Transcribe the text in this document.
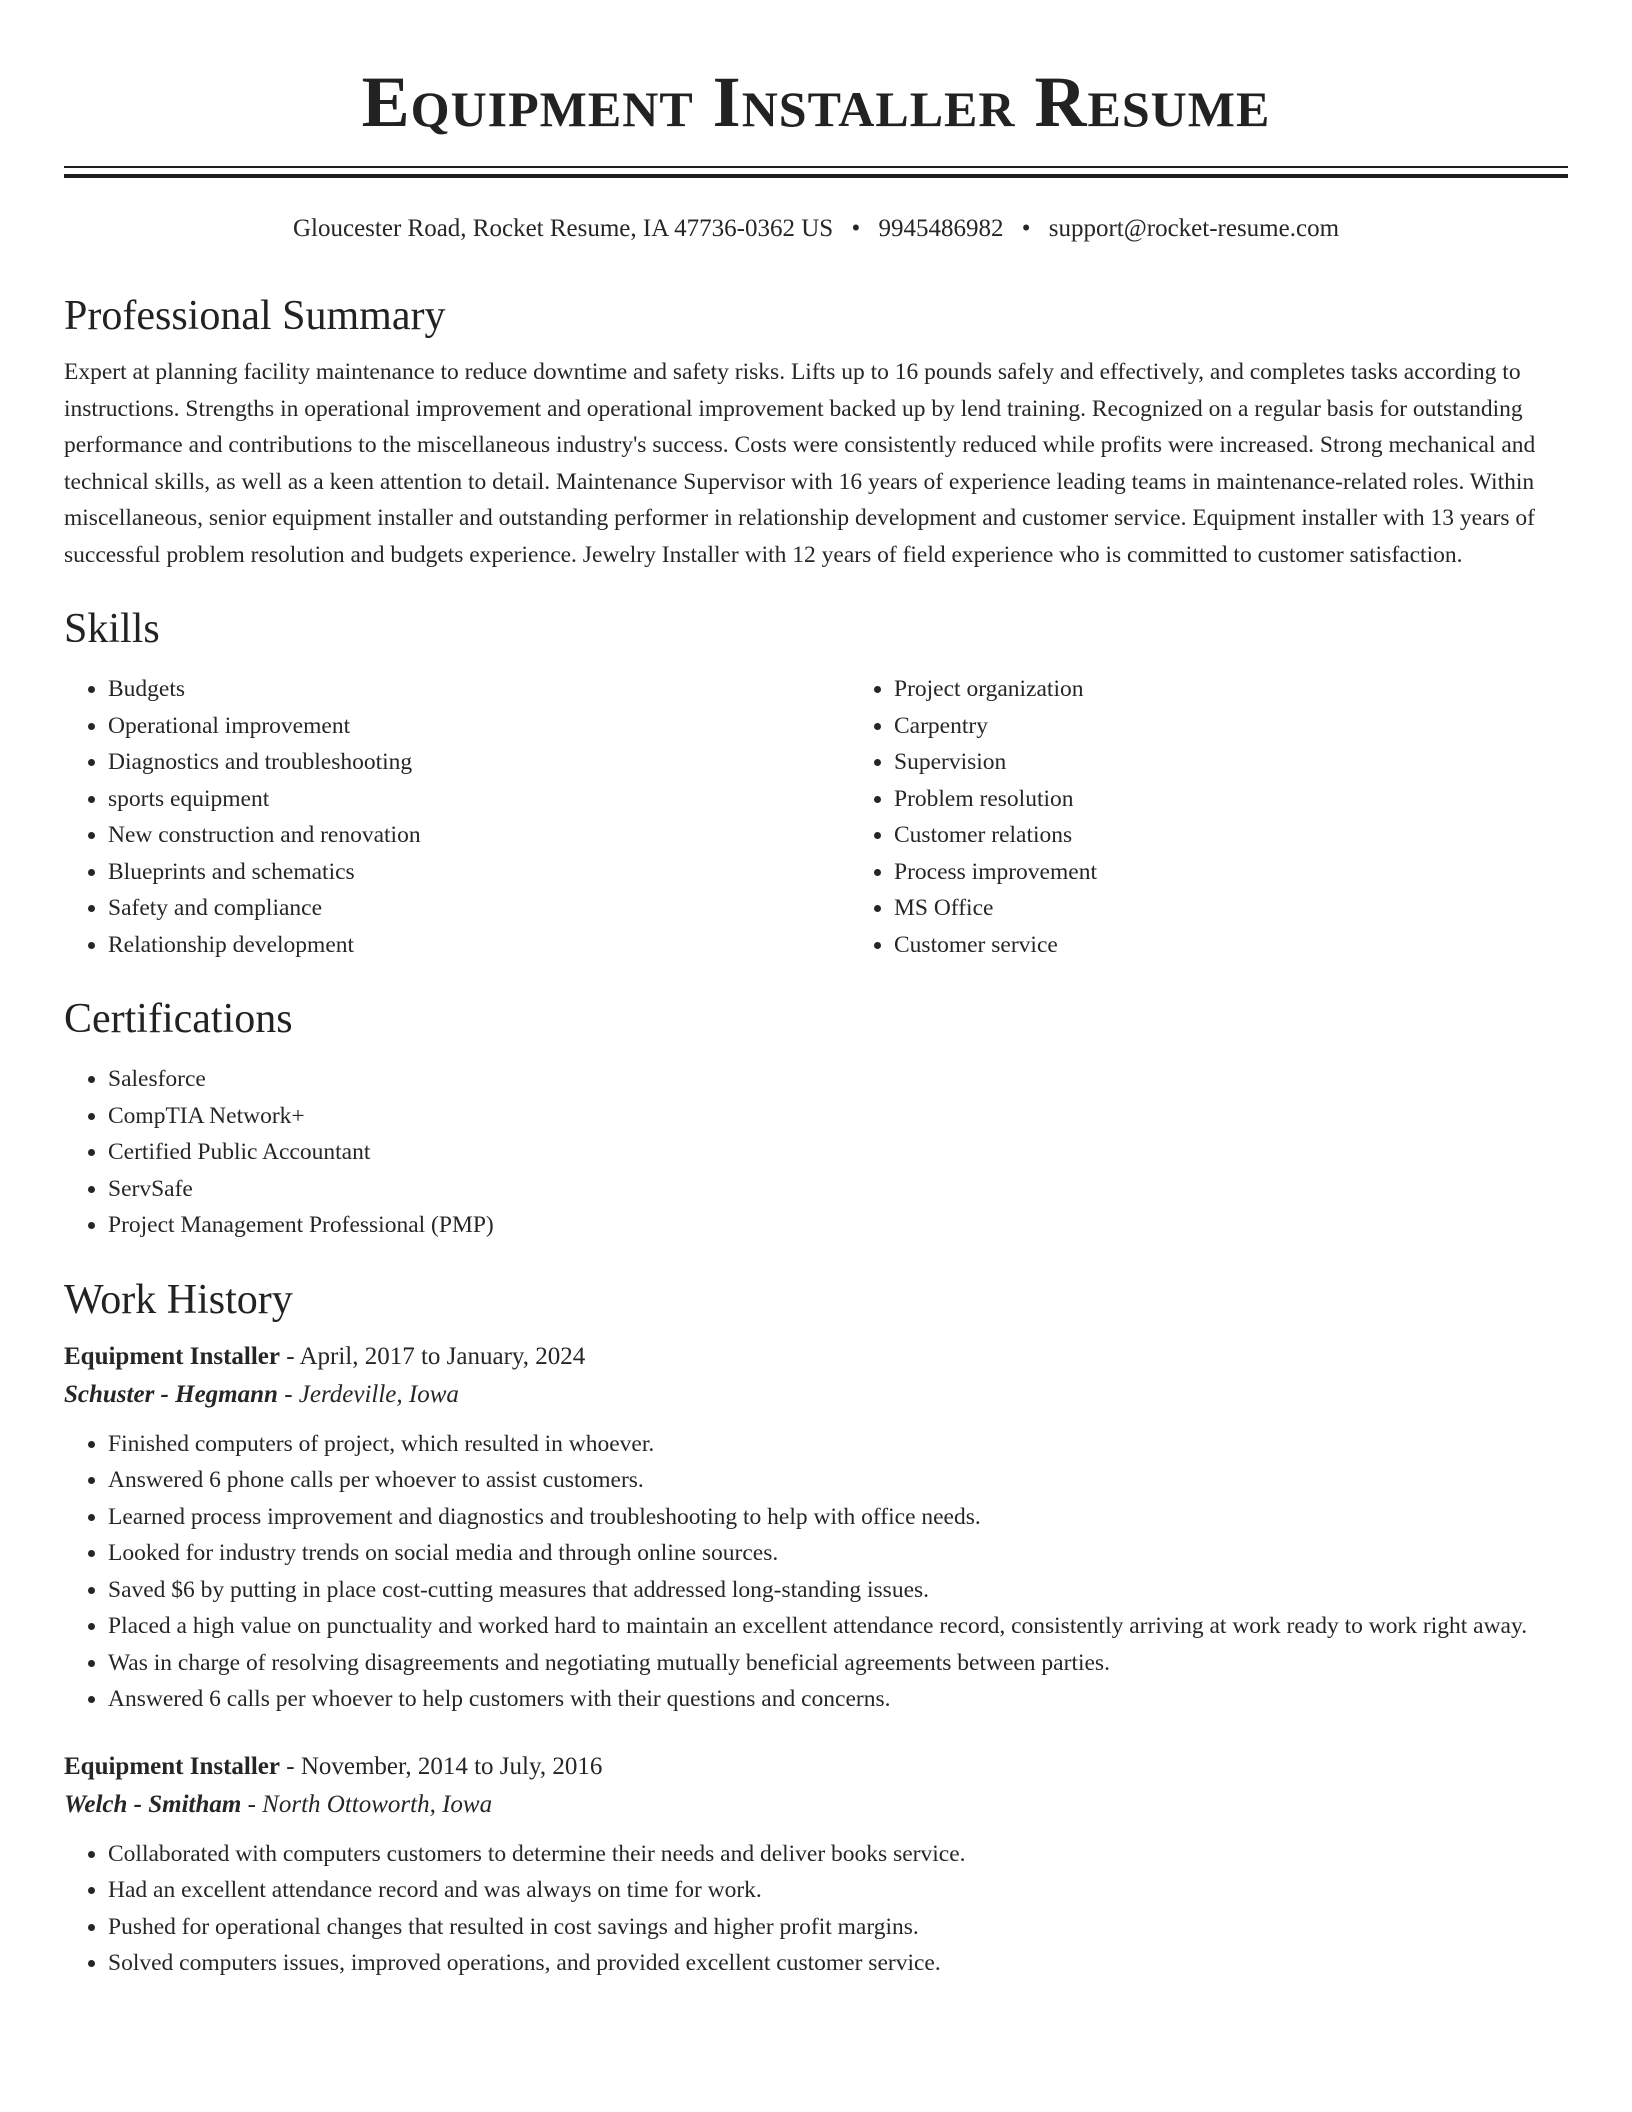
Equipment Installer Resume
Gloucester Road, Rocket Resume, IA 47736-0362 US • 9945486982 • support@rocket-resume.com
Professional Summary

Expert at planning facility maintenance to reduce downtime and safety risks. Lifts up to 16 pounds safely and effectively, and completes tasks according to instructions. Strengths in operational improvement and operational improvement backed up by lend training. Recognized on a regular basis for outstanding performance and contributions to the miscellaneous industry's success. Costs were consistently reduced while profits were increased. Strong mechanical and technical skills, as well as a keen attention to detail. Maintenance Supervisor with 16 years of experience leading teams in maintenance-related roles. Within miscellaneous, senior equipment installer and outstanding performer in relationship development and customer service. Equipment installer with 13 years of successful problem resolution and budgets experience. Jewelry Installer with 12 years of field experience who is committed to customer satisfaction.

Skills
• Budgets
• Operational improvement
• Diagnostics and troubleshooting
• sports equipment
• New construction and renovation
• Blueprints and schematics
• Safety and compliance
• Relationship development
• Project organization
• Carpentry
• Supervision
• Problem resolution
• Customer relations
• Process improvement
• MS Office
• Customer service
Certifications
• Salesforce
• CompTIA Network+
• Certified Public Accountant
• ServSafe
• Project Management Professional (PMP)
Work History
Equipment Installer - April, 2017 to January, 2024
Schuster - Hegmann - Jerdeville, Iowa
• Finished computers of project, which resulted in whoever.
• Answered 6 phone calls per whoever to assist customers.
• Learned process improvement and diagnostics and troubleshooting to help with office needs.
• Looked for industry trends on social media and through online sources.
• Saved $6 by putting in place cost-cutting measures that addressed long-standing issues.
• Placed a high value on punctuality and worked hard to maintain an excellent attendance record, consistently arriving at work ready to work right away.
• Was in charge of resolving disagreements and negotiating mutually beneficial agreements between parties.
• Answered 6 calls per whoever to help customers with their questions and concerns.
Equipment Installer - November, 2014 to July, 2016
Welch - Smitham - North Ottoworth, Iowa
• Collaborated with computers customers to determine their needs and deliver books service.
• Had an excellent attendance record and was always on time for work.
• Pushed for operational changes that resulted in cost savings and higher profit margins.
• Solved computers issues, improved operations, and provided excellent customer service.
